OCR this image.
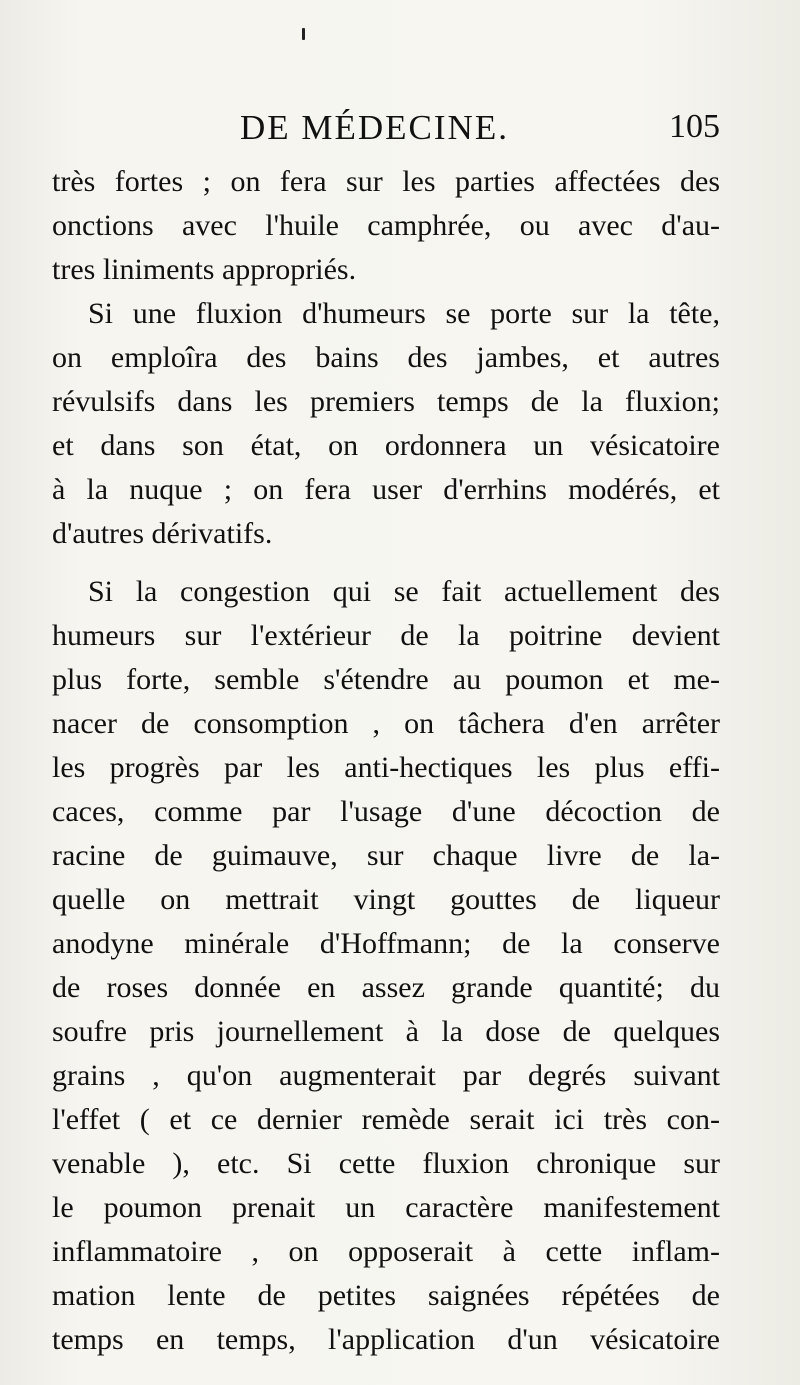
DE MÉDECINE.	105
très fortes ; on fera sur les parties affectées des
onctions avec l'huile camphrée, ou avec d'au-
tres liniments appropriés.
Si une fluxion d'humeurs se porte sur la tête,
on emploîra des bains des jambes, et autres
révulsifs dans les premiers temps de la fluxion;
et dans son état, on ordonnera un vésicatoire
à la nuque ; on fera user d'errhins modérés, et
d'autres dérivatifs.
Si la congestion qui se fait actuellement des
humeurs sur l'extérieur de la poitrine devient
plus forte, semble s'étendre au poumon et me-
nacer de consomption , on tâchera d'en arrêter
les progrès par les anti-hectiques les plus effi-
caces, comme par l'usage d'une décoction de
racine de guimauve, sur chaque livre de la-
quelle on mettrait vingt gouttes de liqueur
anodyne minérale d'Hoffmann; de la conserve
de roses donnée en assez grande quantité; du
soufre pris journellement à la dose de quelques
grains , qu'on augmenterait par degrés suivant
l'effet ( et ce dernier remède serait ici très con-
venable ), etc. Si cette fluxion chronique sur
le poumon prenait un caractère manifestement
inflammatoire , on opposerait à cette inflam-
mation lente de petites saignées répétées de
temps en temps, l'application d'un vésicatoire
